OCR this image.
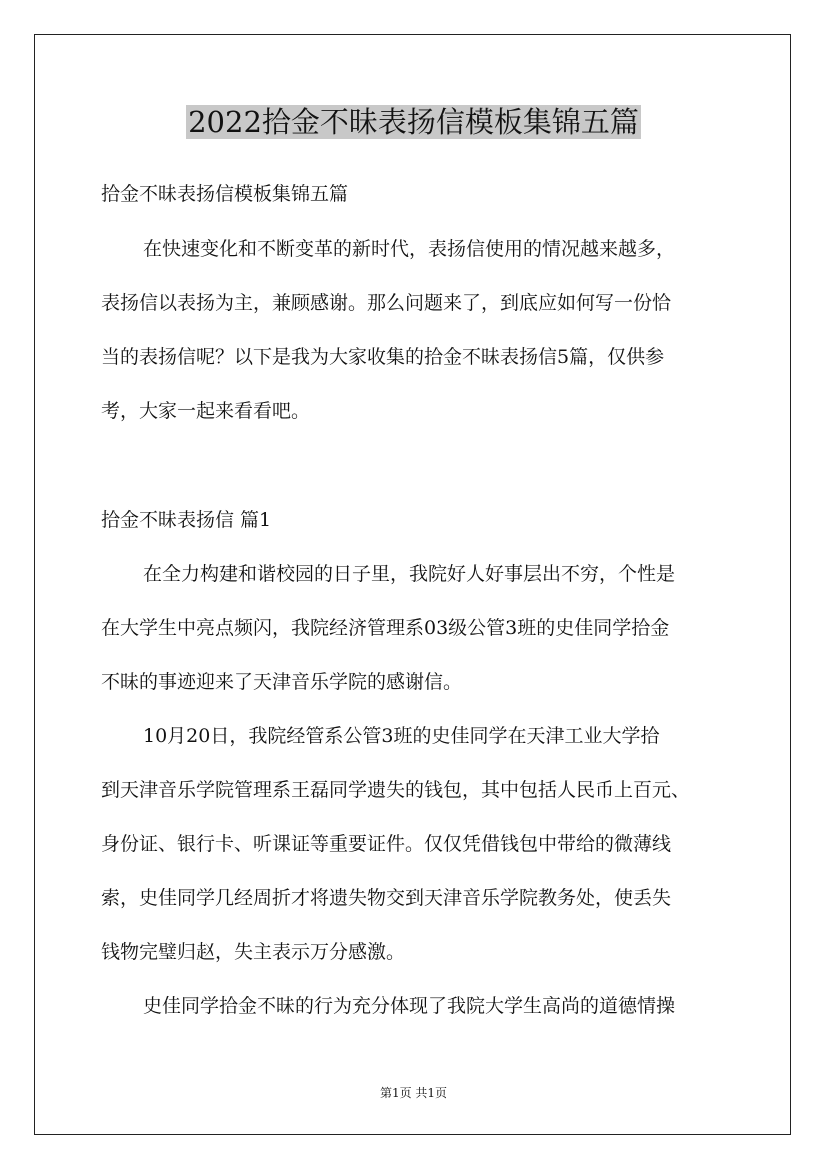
2022拾金不昧表扬信模板集锦五篇
拾金不昧表扬信模板集锦五篇
在快速变化和不断变革的新时代，表扬信使用的情况越来越多，
表扬信以表扬为主，兼顾感谢。那么问题来了，到底应如何写一份恰
当的表扬信呢？以下是我为大家收集的拾金不昧表扬信5篇，仅供参
考，大家一起来看看吧。
拾金不昧表扬信 篇1
在全力构建和谐校园的日子里，我院好人好事层出不穷，个性是
在大学生中亮点频闪，我院经济管理系03级公管3班的史佳同学拾金
不昧的事迹迎来了天津音乐学院的感谢信。
10月20日，我院经管系公管3班的史佳同学在天津工业大学拾
到天津音乐学院管理系王磊同学遗失的钱包，其中包括人民币上百元、
身份证、银行卡、听课证等重要证件。仅仅凭借钱包中带给的微薄线
索，史佳同学几经周折才将遗失物交到天津音乐学院教务处，使丢失
钱物完璧归赵，失主表示万分感激。
史佳同学拾金不昧的行为充分体现了我院大学生高尚的道德情操
第1页 共1页
